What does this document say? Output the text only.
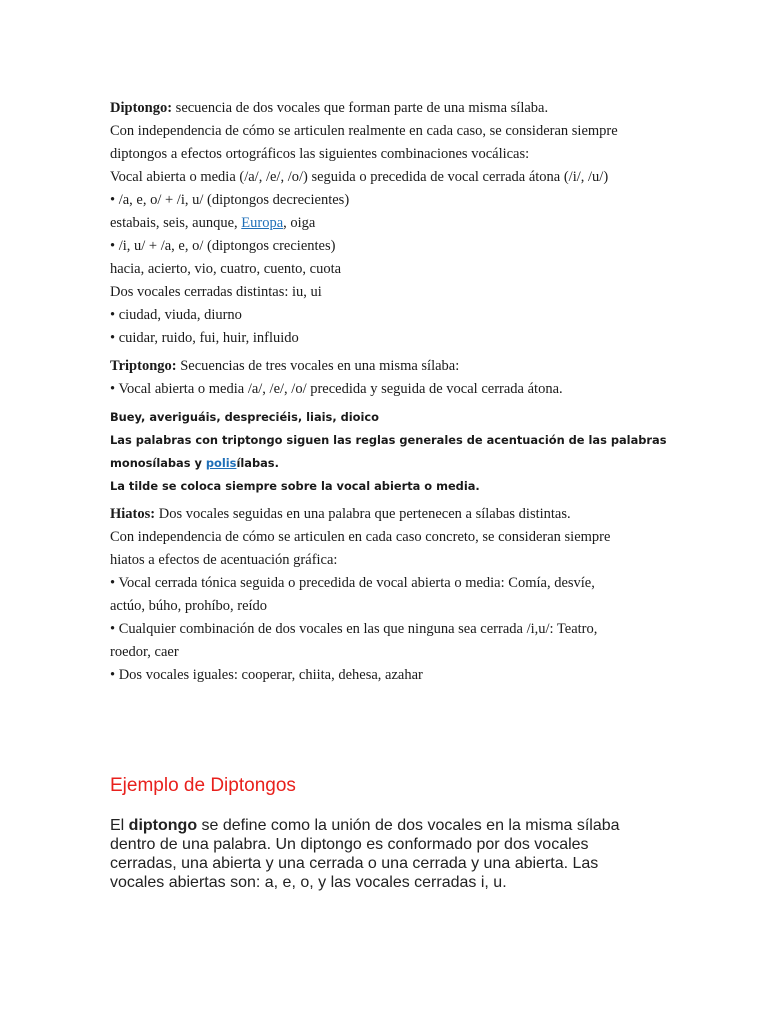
Diptongo: secuencia de dos vocales que forman parte de una misma sílaba.

Con independencia de cómo se articulen realmente en cada caso, se consideran siempre

diptongos a efectos ortográficos las siguientes combinaciones vocálicas:

Vocal abierta o media (/a/, /e/, /o/) seguida o precedida de vocal cerrada átona (/i/, /u/)

• /a, e, o/ + /i, u/ (diptongos decrecientes)

estabais, seis, aunque, Europa, oiga

• /i, u/ + /a, e, o/ (diptongos crecientes)

hacia, acierto, vio, cuatro, cuento, cuota

Dos vocales cerradas distintas: iu, ui

• ciudad, viuda, diurno

• cuidar, ruido, fui, huir, influido

Triptongo: Secuencias de tres vocales en una misma sílaba:

• Vocal abierta o media /a/, /e/, /o/ precedida y seguida de vocal cerrada átona.

Buey, averiguáis, despreciéis, liais, dioico

Las palabras con triptongo siguen las reglas generales de acentuación de las palabras

monosílabas y polisílabas.

La tilde se coloca siempre sobre la vocal abierta o media.

Hiatos: Dos vocales seguidas en una palabra que pertenecen a sílabas distintas.

Con independencia de cómo se articulen en cada caso concreto, se consideran siempre

hiatos a efectos de acentuación gráfica:

• Vocal cerrada tónica seguida o precedida de vocal abierta o media: Comía, desvíe,

actúo, búho, prohíbo, reído

• Cualquier combinación de dos vocales en las que ninguna sea cerrada /i,u/: Teatro,

roedor, caer

• Dos vocales iguales: cooperar, chiita, dehesa, azahar

Ejemplo de Diptongos

El diptongo se define como la unión de dos vocales en la misma sílaba
dentro de una palabra. Un diptongo es conformado por dos vocales
cerradas, una abierta y una cerrada o una cerrada y una abierta. Las
vocales abiertas son: a, e, o, y las vocales cerradas i, u.
